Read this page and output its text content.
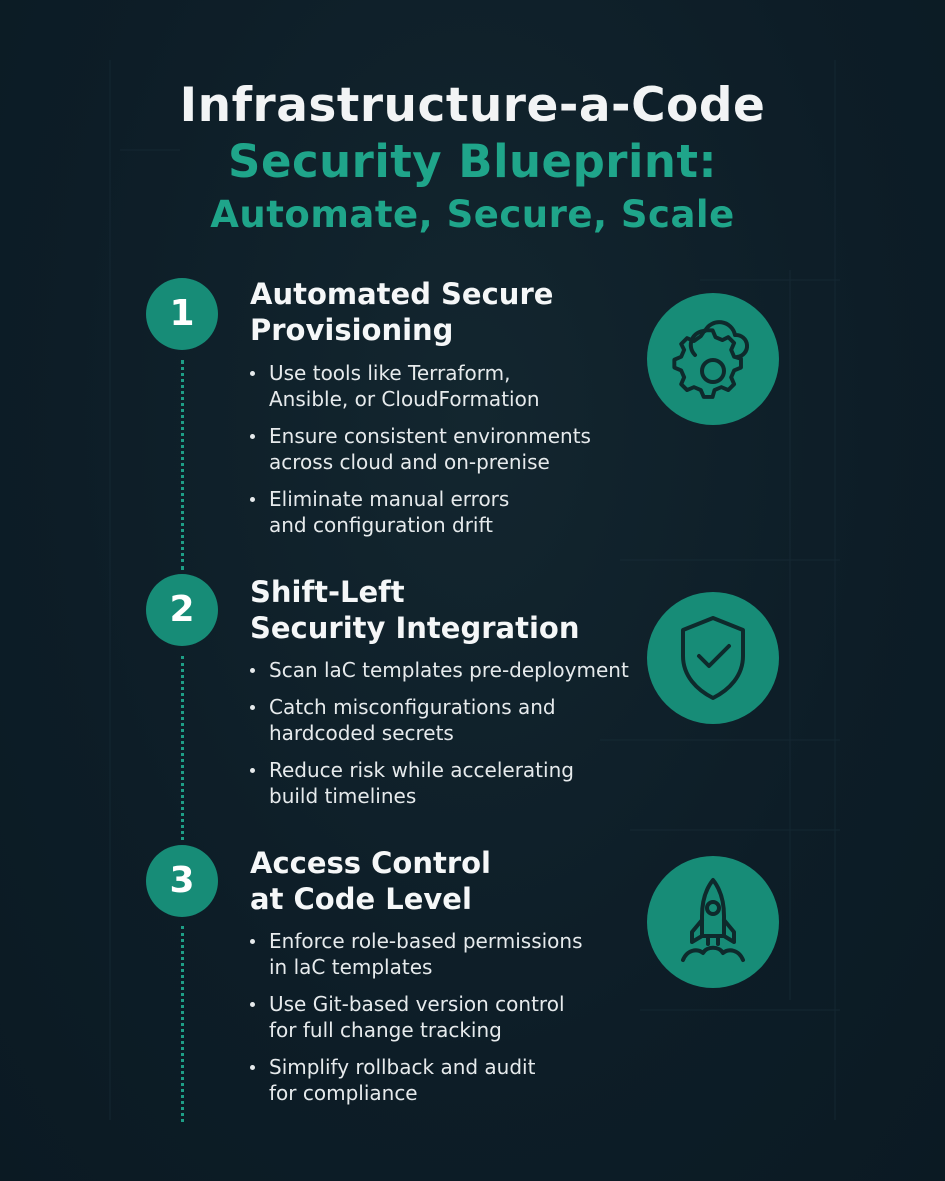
Infrastructure-a-Code
Security Blueprint:
Automate, Secure, Scale
1	Automated Secure
Provisioning
Use tools like Terraform,
Ansible, or CloudFormation
Ensure consistent environments
across cloud and on-prenise
Eliminate manual errors
and configuration drift
2	Shift-Left
Security Integration
Scan laC templates pre-deployment
Catch misconfigurations and
hardcoded secrets
Reduce risk while accelerating
build timelines
3	Access Control
at Code Level
Enforce role-based permissions
in laC templates
Use Git-based version control
for full change tracking
Simplify rollback and audit
for compliance
